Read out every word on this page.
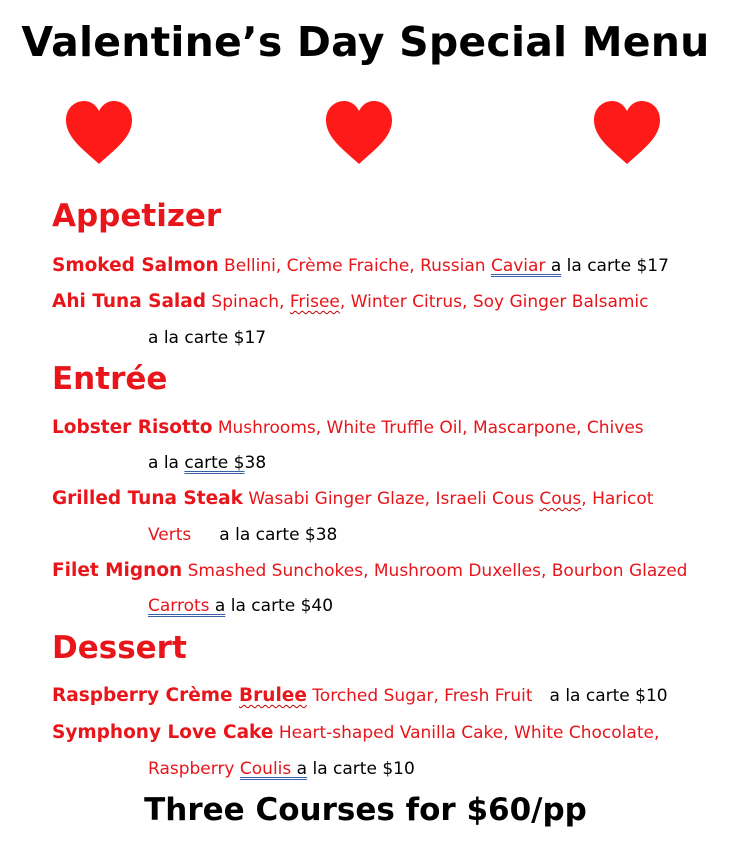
Valentine’s Day Special Menu
Appetizer
Smoked Salmon Bellini, Crème Fraiche, Russian Caviar a la carte $17
Ahi Tuna Salad Spinach, Frisee, Winter Citrus, Soy Ginger Balsamic
a la carte $17
Entrée
Lobster Risotto Mushrooms, White Truffle Oil, Mascarpone, Chives
a la carte $38
Grilled Tuna Steak Wasabi Ginger Glaze, Israeli Cous Cous, Haricot
Verts a la carte $38
Filet Mignon Smashed Sunchokes, Mushroom Duxelles, Bourbon Glazed
Carrots a la carte $40
Dessert
Raspberry Crème Brulee Torched Sugar, Fresh Fruit a la carte $10
Symphony Love Cake Heart-shaped Vanilla Cake, White Chocolate,
Raspberry Coulis a la carte $10
Three Courses for $60/pp
